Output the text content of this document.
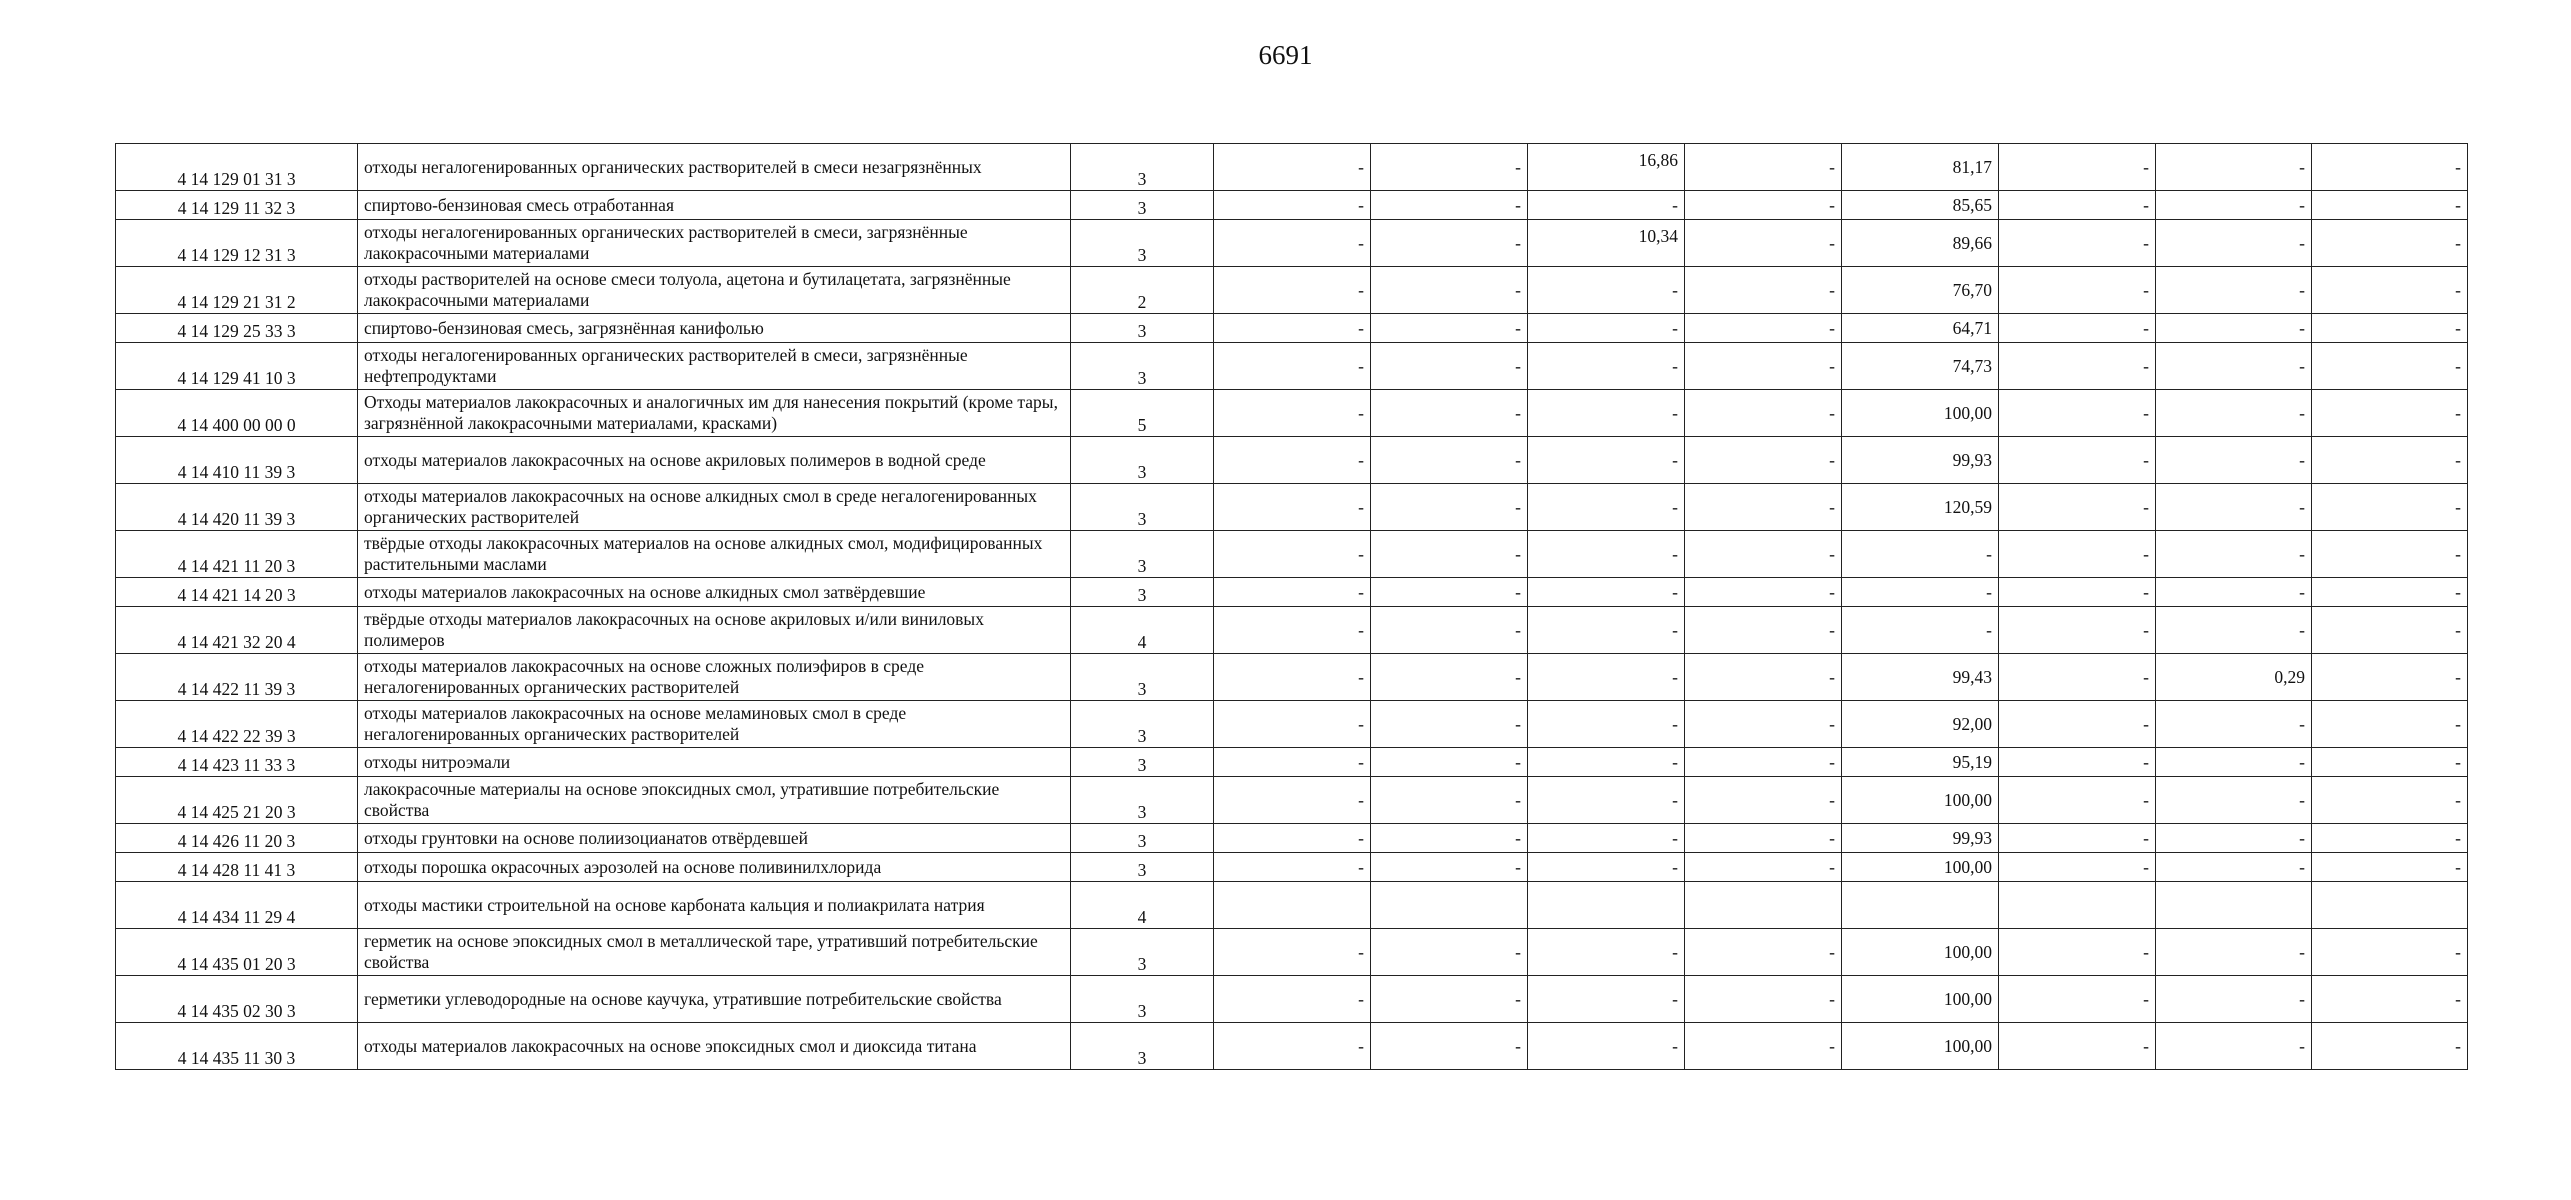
6691
4 14 129 01 31 3	отходы негалогенированных органических растворителей в смеси незагрязнённых	3	-	-	16,86	-	81,17	-	-	-
4 14 129 11 32 3	спиртово-бензиновая смесь отработанная	3	-	-	-	-	85,65	-	-	-
4 14 129 12 31 3	отходы негалогенированных органических растворителей в смеси, загрязнённые лакокрасочными материалами	3	-	-	10,34	-	89,66	-	-	-
4 14 129 21 31 2	отходы растворителей на основе смеси толуола, ацетона и бутилацетата, загрязнённые лакокрасочными материалами	2	-	-	-	-	76,70	-	-	-
4 14 129 25 33 3	спиртово-бензиновая смесь, загрязнённая канифолью	3	-	-	-	-	64,71	-	-	-
4 14 129 41 10 3	отходы негалогенированных органических растворителей в смеси, загрязнённые нефтепродуктами	3	-	-	-	-	74,73	-	-	-
4 14 400 00 00 0	Отходы материалов лакокрасочных и аналогичных им для нанесения покрытий (кроме тары, загрязнённой лакокрасочными материалами, красками)	5	-	-	-	-	100,00	-	-	-
4 14 410 11 39 3	отходы материалов лакокрасочных на основе акриловых полимеров в водной среде	3	-	-	-	-	99,93	-	-	-
4 14 420 11 39 3	отходы материалов лакокрасочных на основе алкидных смол в среде негалогенированных органических растворителей	3	-	-	-	-	120,59	-	-	-
4 14 421 11 20 3	твёрдые отходы лакокрасочных материалов на основе алкидных смол, модифицированных растительными маслами	3	-	-	-	-	-	-	-	-
4 14 421 14 20 3	отходы материалов лакокрасочных на основе алкидных смол затвёрдевшие	3	-	-	-	-	-	-	-	-
4 14 421 32 20 4	твёрдые отходы материалов лакокрасочных на основе акриловых и/или виниловых полимеров	4	-	-	-	-	-	-	-	-
4 14 422 11 39 3	отходы материалов лакокрасочных на основе сложных полиэфиров в среде негалогенированных органических растворителей	3	-	-	-	-	99,43	-	0,29	-
4 14 422 22 39 3	отходы материалов лакокрасочных на основе меламиновых смол в среде негалогенированных органических растворителей	3	-	-	-	-	92,00	-	-	-
4 14 423 11 33 3	отходы нитроэмали	3	-	-	-	-	95,19	-	-	-
4 14 425 21 20 3	лакокрасочные материалы на основе эпоксидных смол, утратившие потребительские свойства	3	-	-	-	-	100,00	-	-	-
4 14 426 11 20 3	отходы грунтовки на основе полиизоцианатов отвёрдевшей	3	-	-	-	-	99,93	-	-	-
4 14 428 11 41 3	отходы порошка окрасочных аэрозолей на основе поливинилхлорида	3	-	-	-	-	100,00	-	-	-
4 14 434 11 29 4	отходы мастики строительной на основе карбоната кальция и полиакрилата натрия	4								
4 14 435 01 20 3	герметик на основе эпоксидных смол в металлической таре, утративший потребительские свойства	3	-	-	-	-	100,00	-	-	-
4 14 435 02 30 3	герметики углеводородные на основе каучука, утратившие потребительские свойства	3	-	-	-	-	100,00	-	-	-
4 14 435 11 30 3	отходы материалов лакокрасочных на основе эпоксидных смол и диоксида титана	3	-	-	-	-	100,00	-	-	-
